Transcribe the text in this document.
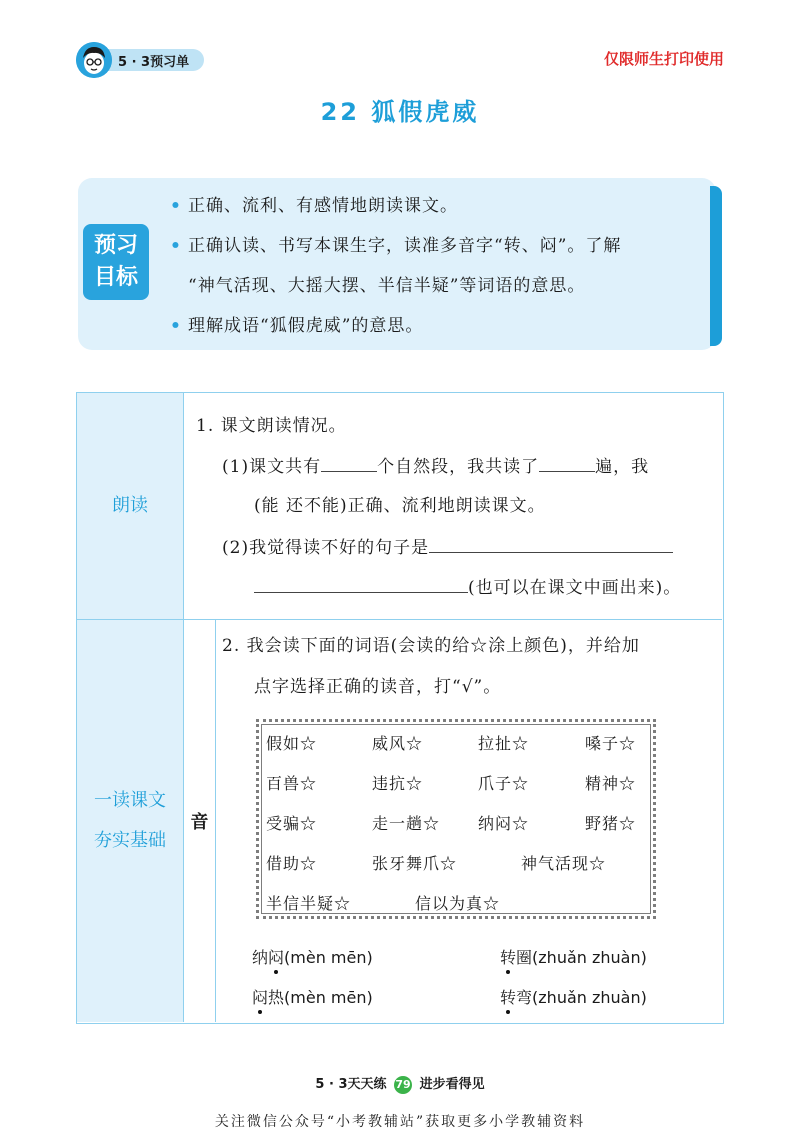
5 · 3预习单	仅限师生打印使用
22 狐假虎威
预习
目标
• 正确、流利、有感情地朗读课文。
• 正确认读、书写本课生字，读准多音字“转、闷”。了解
“神气活现、大摇大摆、半信半疑”等词语的意思。
• 理解成语“狐假虎威”的意思。
朗读
一读课文
夯实基础
音
1. 课文朗读情况。
(1)课文共有	个自然段，我共读了	遍，我
(能 还不能)正确、流利地朗读课文。
(2)我觉得读不好的句子是
(也可以在课文中画出来)。
2. 我会读下面的词语(会读的给☆涂上颜色)，并给加
点字选择正确的读音，打“√”。
假如☆	威风☆	拉扯☆	嗓子☆
百兽☆	违抗☆	爪子☆	精神☆
受骗☆	走一趟☆ 纳闷☆	野猪☆
借助☆	张牙舞爪☆	神气活现☆
半信半疑☆	信以为真☆
纳闷(mèn mēn)	转圈(zhuǎn zhuàn)
闷热(mèn mēn)	转弯(zhuǎn zhuàn)
5 · 3天天练 79 进步看得见
关注微信公众号“小考教辅站”获取更多小学教辅资料
